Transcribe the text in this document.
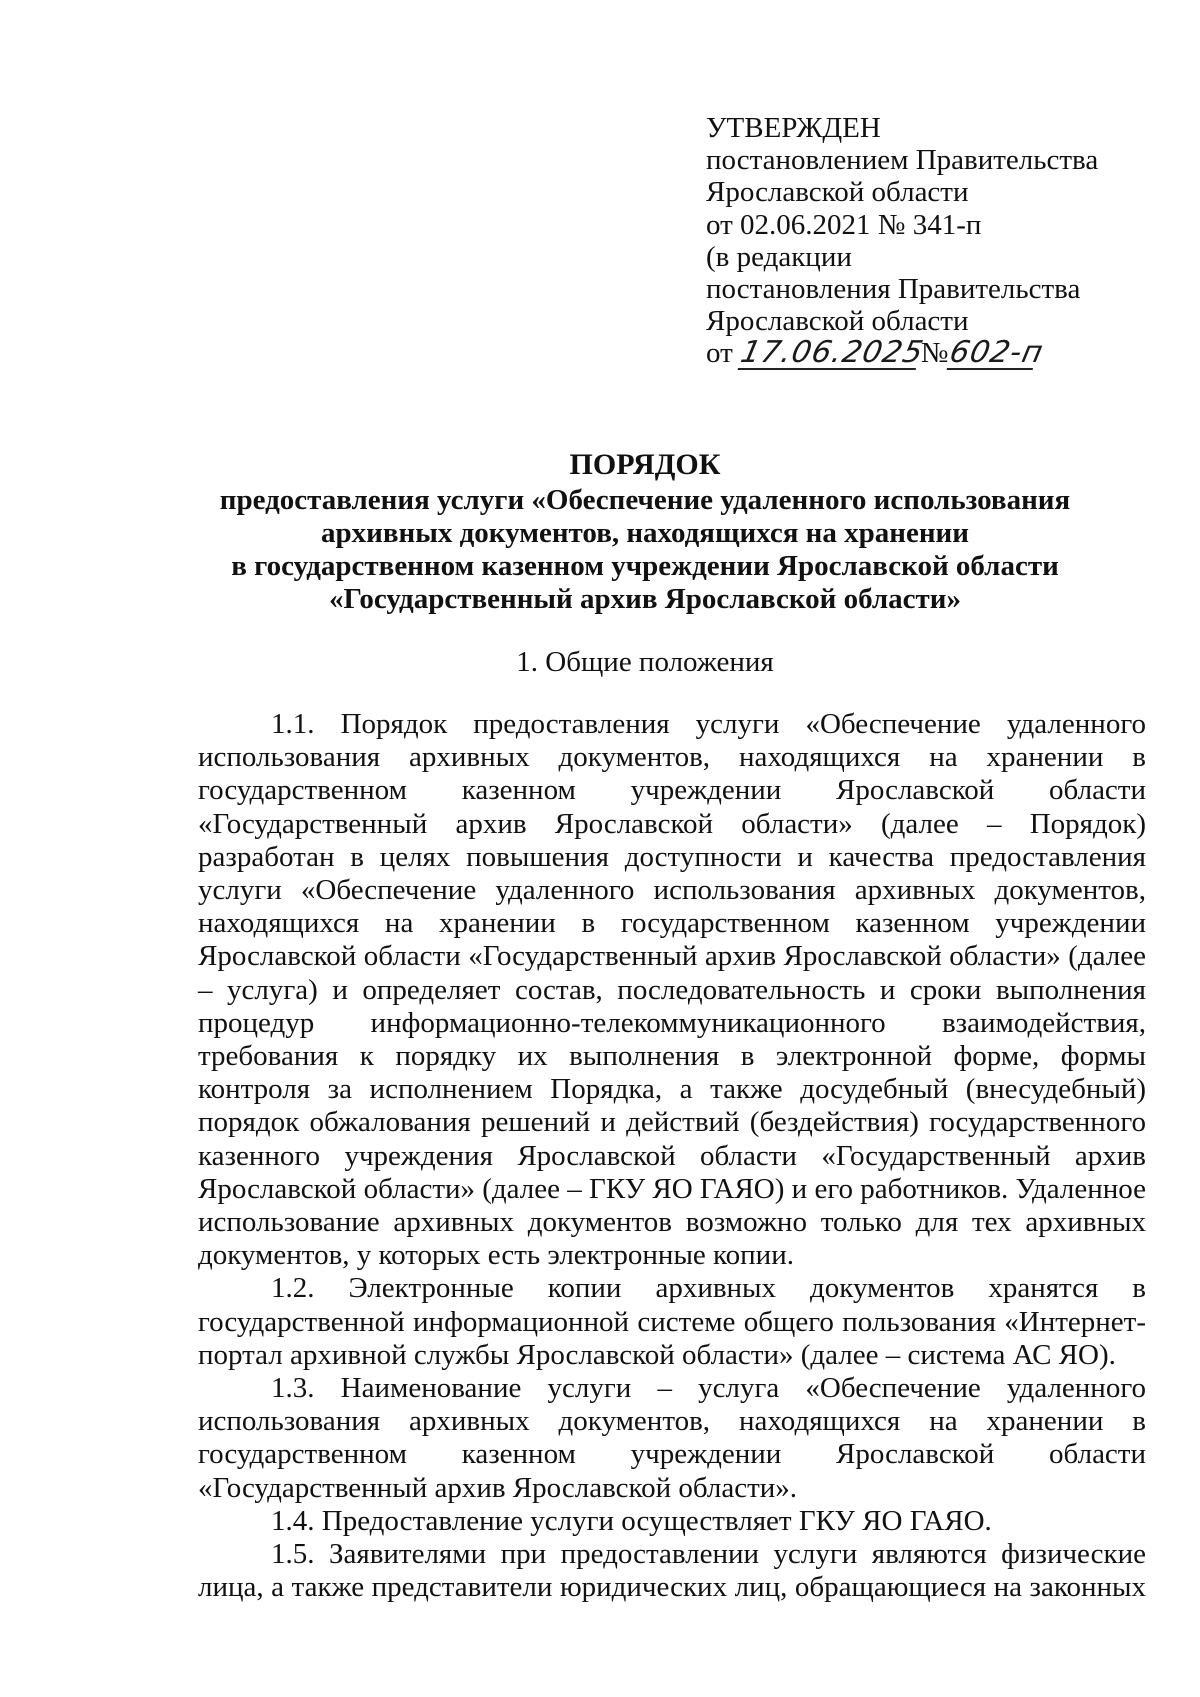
УТВЕРЖДЕН
постановлением Правительства
Ярославской области
от 02.06.2021 № 341-п
(в редакции
постановления Правительства
Ярославской области
от 17.06.2025
№
602-п
ПОРЯДОК
предоставления услуги «Обеспечение удаленного использования
архивных документов, находящихся на хранении
в государственном казенном учреждении Ярославской области
«Государственный архив Ярославской области»
1. Общие положения

1.1. Порядок предоставления услуги «Обеспечение удаленного использования архивных документов, находящихся на хранении в государственном казенном учреждении Ярославской области «Государственный архив Ярославской области» (далее – Порядок) разработан в целях повышения доступности и качества предоставления услуги «Обеспечение удаленного использования архивных документов, находящихся на хранении в государственном казенном учреждении Ярославской области «Государственный архив Ярославской области» (далее – услуга) и определяет состав, последовательность и сроки выполнения процедур информационно-телекоммуникационного взаимодействия, требования к порядку их выполнения в электронной форме, формы контроля за исполнением Порядка, а также досудебный (внесудебный) порядок обжалования решений и действий (бездействия) государственного казенного учреждения Ярославской области «Государственный архив Ярославской области» (далее – ГКУ ЯО ГАЯО) и его работников. Удаленное использование архивных документов возможно только для тех архивных документов, у которых есть электронные копии.

1.2. Электронные копии архивных документов хранятся в государственной информационной системе общего пользования «Интернет-портал архивной службы Ярославской области» (далее – система АС ЯО).

1.3. Наименование услуги – услуга «Обеспечение удаленного использования архивных документов, находящихся на хранении в государственном казенном учреждении Ярославской области «Государственный архив Ярославской области».

1.4. Предоставление услуги осуществляет ГКУ ЯО ГАЯО.

1.5. Заявителями при предоставлении услуги являются физические лица, а также представители юридических лиц, обращающиеся на законных
